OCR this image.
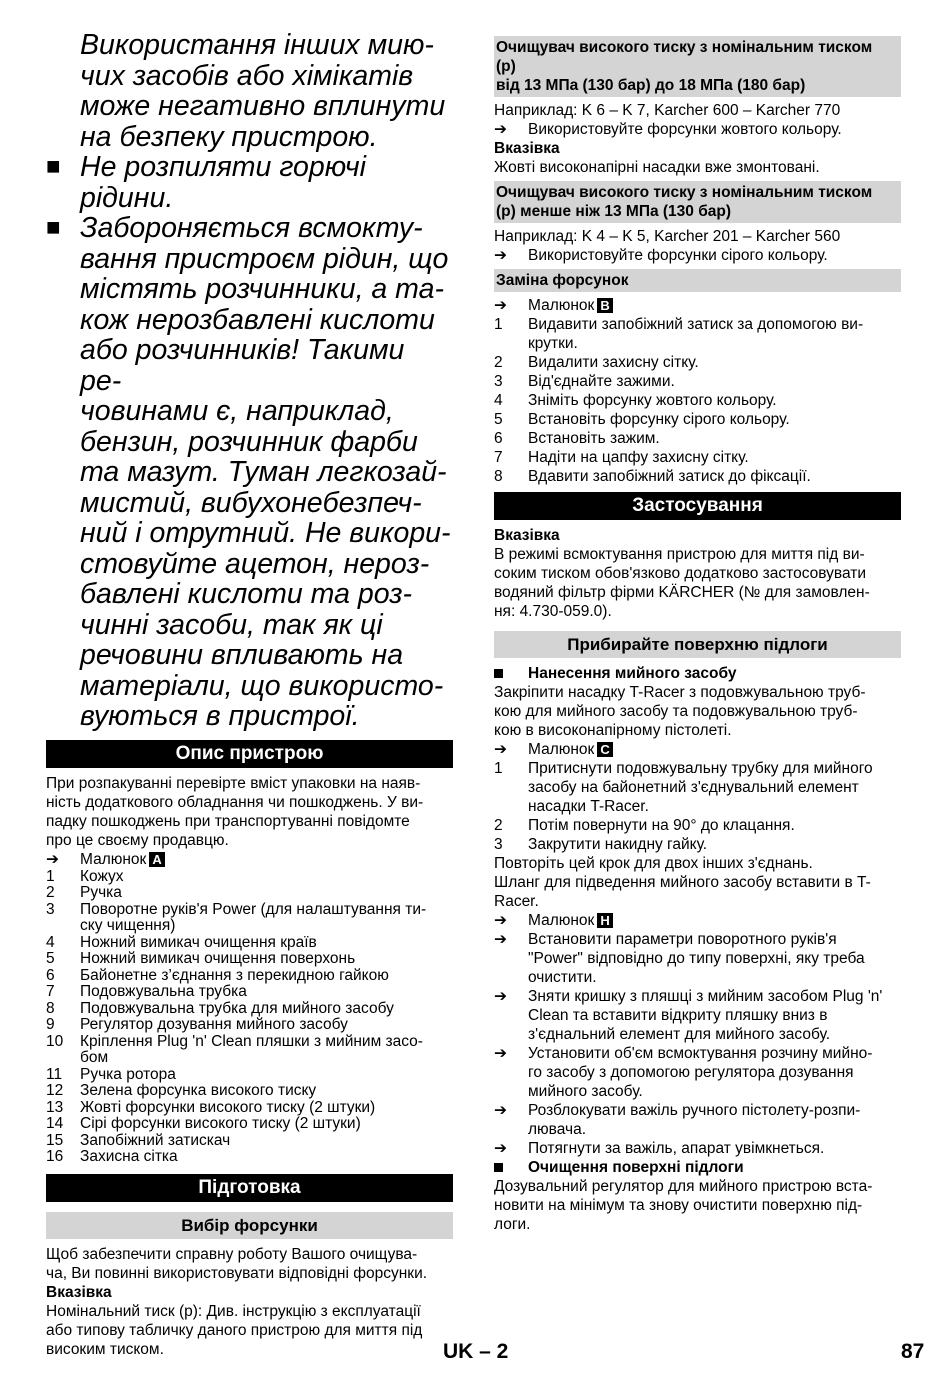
Використання інших мию-
чих засобів або хімікатів
може негативно вплинути
на безпеку пристрою.
■ Не розпиляти горючі рідини.
■ Забороняється всмокту-
вання пристроєм рідин, що
містять розчинники, а та-
кож нерозбавлені кислоти
або розчинників! Такими ре-
човинами є, наприклад,
бензин, розчинник фарби
та мазут. Туман легкозай-
мистий, вибухонебезпеч-
ний і отрутний. Не викори-
стовуйте ацетон, нероз-
бавлені кислоти та роз-
чинні засоби, так як ці
речовини впливають на
матеріали, що використо-
вуються в пристрої.
Опис пристрою

При розпакуванні перевірте вміст упаковки на наяв-
ність додаткового обладнання чи пошкоджень. У ви-
падку пошкоджень при транспортуванні повідомте
про це своєму продавцю.

➔	Малюнок A
1	Кожух
2	Ручка
3	Поворотне руків'я Power (для налаштування ти-
ску чищення)
4	Ножний вимикач очищення країв
5	Ножний вимикач очищення поверхонь
6	Байонетне з’єднання з перекидною гайкою
7	Подовжувальна трубка
8	Подовжувальна трубка для мийного засобу
9	Регулятор дозування мийного засобу
10	Кріплення Plug 'n' Clean пляшки з мийним засо-
бом
11	Ручка ротора
12	Зелена форсунка високого тиску
13	Жовті форсунки високого тиску (2 штуки)
14	Сірі форсунки високого тиску (2 штуки)
15	Запобіжний затискач
16	Захисна сітка
Підготовка
Вибір форсунки

Щоб забезпечити справну роботу Вашого очищува-
ча, Ви повинні використовувати відповідні форсунки.

Вказівка

Номінальний тиск (p): Див. інструкцію з експлуатації
або типову табличку даного пристрою для миття під
високим тиском.

Очищувач високого тиску з номінальним тиском
(p)
від 13 МПа (130 бар) до 18 МПа (180 бар)

Наприклад: K 6 – K 7, Karcher 600 – Karcher 770

➔	Використовуйте форсунки жовтого кольору.

Вказівка

Жовті високонапірні насадки вже змонтовані.

Очищувач високого тиску з номінальним тиском
(p) менше ніж 13 МПа (130 бар)

Наприклад: K 4 – K 5, Karcher 201 – Karcher 560

➔	Використовуйте форсунки сірого кольору.
Заміна форсунок
➔	Малюнок B
1	Видавити запобіжний затиск за допомогою ви-
крутки.
2	Видалити захисну сітку.
3	Від'єднайте зажими.
4	Зніміть форсунку жовтого кольору.
5	Встановіть форсунку сірого кольору.
6	Встановіть зажим.
7	Надіти на цапфу захисну сітку.
8	Вдавити запобіжний затиск до фіксації.
Застосування

Вказівка

В режимі всмоктування пристрою для миття під ви-
соким тиском обов'язково додатково застосовувати
водяний фільтр фірми KÄRCHER (№ для замовлен-
ня: 4.730-059.0).

Прибирайте поверхню підлоги
Нанесення мийного засобу

Закріпити насадку T-Racer з подовжувальною труб-
кою для мийного засобу та подовжувальною труб-
кою в високонапірному пістолеті.

➔	Малюнок C
1	Притиснути подовжувальну трубку для мийного
засобу на байонетний з'єднувальний елемент
насадки T-Racer.
2	Потім повернути на 90° до клацання.
3	Закрутити накидну гайку.

Повторіть цей крок для двох інших з'єднань.

Шланг для підведення мийного засобу вставити в T-
Racer.

➔	Малюнок H
➔	Встановити параметри поворотного руків'я
"Power" відповідно до типу поверхні, яку треба
очистити.
➔	Зняти кришку з пляшці з мийним засобом Plug 'n'
Clean та вставити відкриту пляшку вниз в
з'єднальний елемент для мийного засобу.
➔	Установити об'єм всмоктування розчину мийно-
го засобу з допомогою регулятора дозування
мийного засобу.
➔	Розблокувати важіль ручного пістолету-розпи-
лювача.
➔	Потягнути за важіль, апарат увімкнеться.
Очищення поверхні підлоги

Дозувальний регулятор для мийного пристрою вста-
новити на мінімум та знову очистити поверхню під-
логи.

UK – 2	87
